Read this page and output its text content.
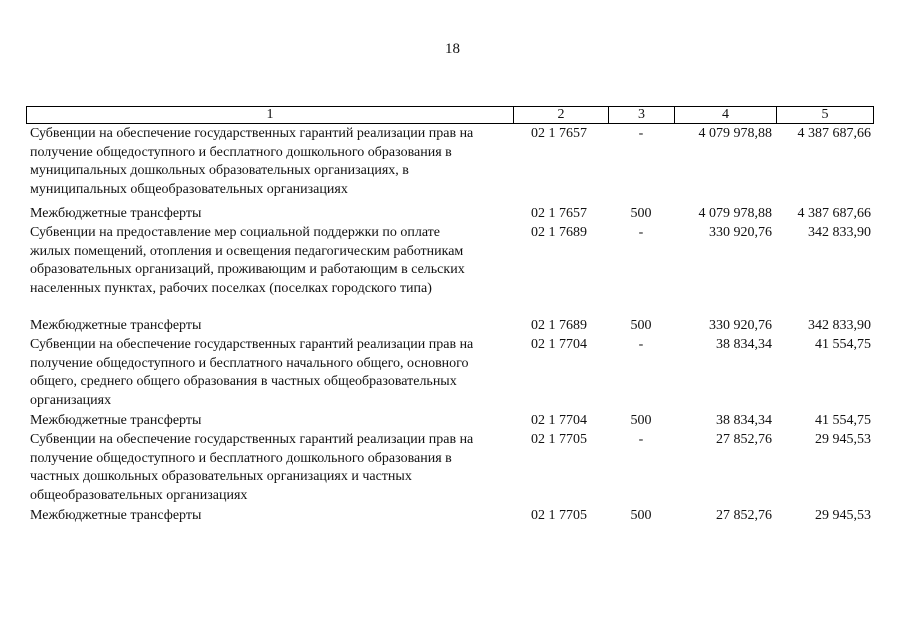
18
1	2	3	4	5
Субвенции на обеспечение государственных гарантий реализации прав на
получение общедоступного и бесплатного дошкольного образования в
муниципальных дошкольных образовательных организациях, в
муниципальных общеобразовательных организациях
02 1 7657	-	4 079 978,88	4 387 687,66
Межбюджетные трансферты	02 1 7657	500	4 079 978,88	4 387 687,66
Субвенции на предоставление мер социальной поддержки по оплате
жилых помещений, отопления и освещения педагогическим работникам
образовательных организаций, проживающим и работающим в сельских
населенных пунктах, рабочих поселках (поселках городского типа)
02 1 7689	-	330 920,76	342 833,90
Межбюджетные трансферты	02 1 7689	500	330 920,76	342 833,90
Субвенции на обеспечение государственных гарантий реализации прав на
получение общедоступного и бесплатного начального общего, основного
общего, среднего общего образования в частных общеобразовательных
организациях
02 1 7704	-	38 834,34	41 554,75
Межбюджетные трансферты	02 1 7704	500	38 834,34	41 554,75
Субвенции на обеспечение государственных гарантий реализации прав на
получение общедоступного и бесплатного дошкольного образования в
частных дошкольных образовательных организациях и частных
общеобразовательных организациях
02 1 7705	-	27 852,76	29 945,53
Межбюджетные трансферты	02 1 7705	500	27 852,76	29 945,53
